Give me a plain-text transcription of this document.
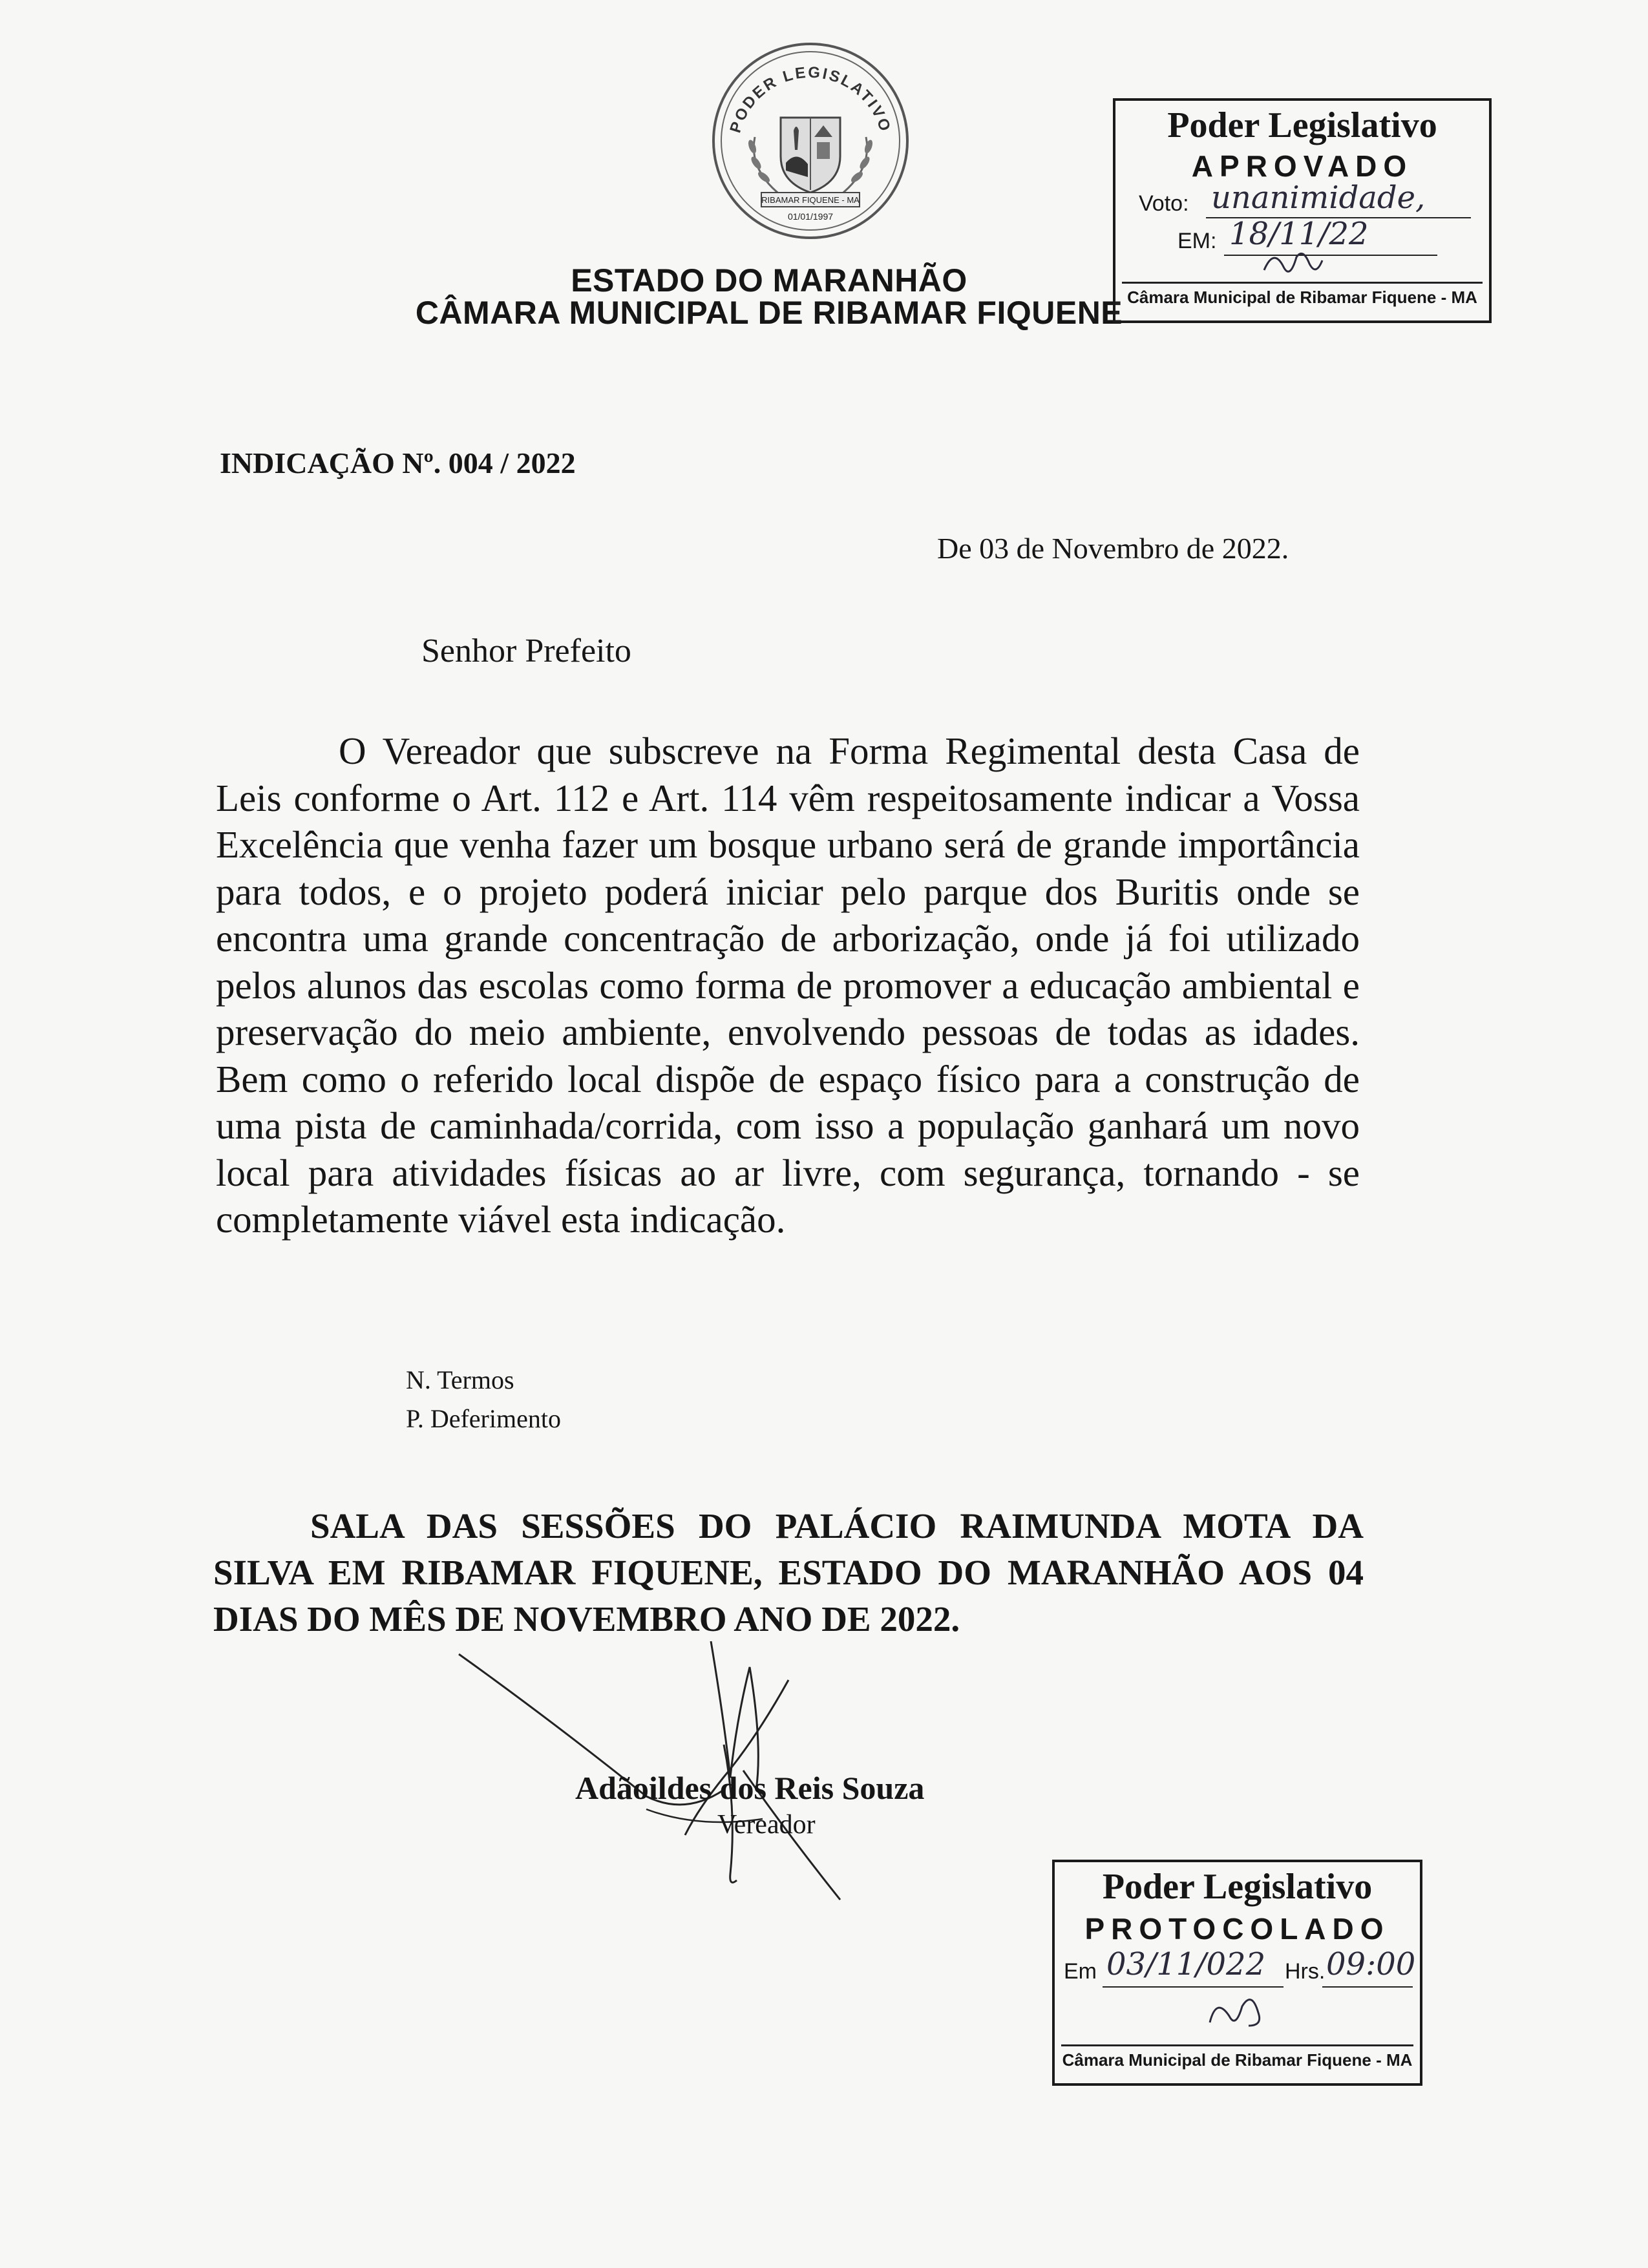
PODER LEGISLATIVO
RIBAMAR FIQUENE - MA
01/01/1997
ESTADO DO MARANHÃO
CÂMARA MUNICIPAL DE RIBAMAR FIQUENE
Poder Legislativo
APROVADO
Voto: unanimidade,
EM: 18/11/22
Câmara Municipal de Ribamar Fiquene - MA
INDICAÇÃO Nº. 004 / 2022
De 03 de Novembro de 2022.
Senhor Prefeito
O Vereador que subscreve na Forma Regimental desta Casa de Leis conforme o Art. 112 e Art. 114 vêm respeitosamente indicar a Vossa Excelência que venha fazer um bosque urbano será de grande importância para todos, e o projeto poderá iniciar pelo parque dos Buritis onde se encontra uma grande concentração de arborização, onde já foi utilizado pelos alunos das escolas como forma de promover a educação ambiental e preservação do meio ambiente, envolvendo pessoas de todas as idades. Bem como o referido local dispõe de espaço físico para a construção de uma pista de caminhada/corrida, com isso a população ganhará um novo local para atividades físicas ao ar livre, com segurança, tornando - se completamente viável esta indicação.
N. Termos
P. Deferimento
SALA DAS SESSÕES DO PALÁCIO RAIMUNDA MOTA DA SILVA EM RIBAMAR FIQUENE, ESTADO DO MARANHÃO AOS 04 DIAS DO MÊS DE NOVEMBRO ANO DE 2022.
Adãoildes dos Reis Souza
Vereador
Poder Legislativo
PROTOCOLADO
Em 03/11/022 Hrs. 09:00
Câmara Municipal de Ribamar Fiquene - MA
